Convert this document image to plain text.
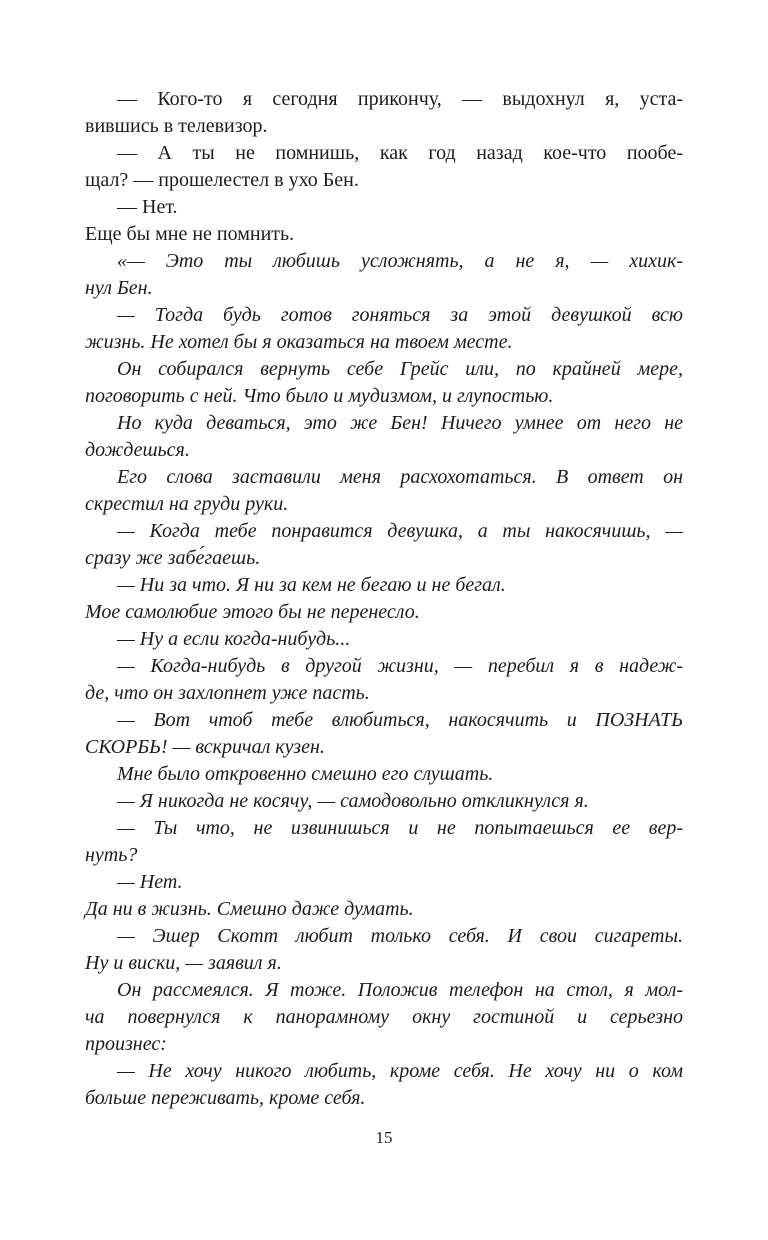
— Кого-то я сегодня прикончу, — выдохнул я, уста-
вившись в телевизор.
— А ты не помнишь, как год назад кое-что пообе-
щал? — прошелестел в ухо Бен.
— Нет.
Еще бы мне не помнить.
«— Это ты любишь усложнять, а не я, — хихик-
нул Бен.
— Тогда будь готов гоняться за этой девушкой всю
жизнь. Не хотел бы я оказаться на твоем месте.
Он собирался вернуть себе Грейс или, по крайней мере,
поговорить с ней. Что было и мудизмом, и глупостью.
Но куда деваться, это же Бен! Ничего умнее от него не
дождешься.
Его слова заставили меня расхохотаться. В ответ он
скрестил на груди руки.
— Когда тебе понравится девушка, а ты накосячишь, —
сразу же забе́гаешь.
— Ни за что. Я ни за кем не бегаю и не бегал.
Мое самолюбие этого бы не перенесло.
— Ну а если когда-нибудь...
— Когда-нибудь в другой жизни, — перебил я в надеж-
де, что он захлопнет уже пасть.
— Вот чтоб тебе влюбиться, накосячить и ПОЗНАТЬ
СКОРБЬ! — вскричал кузен.
Мне было откровенно смешно его слушать.
— Я никогда не косячу, — самодовольно откликнулся я.
— Ты что, не извинишься и не попытаешься ее вер-
нуть?
— Нет.
Да ни в жизнь. Смешно даже думать.
— Эшер Скотт любит только себя. И свои сигареты.
Ну и виски, — заявил я.
Он рассмеялся. Я тоже. Положив телефон на стол, я мол-
ча повернулся к панорамному окну гостиной и серьезно
произнес:
— Не хочу никого любить, кроме себя. Не хочу ни о ком
больше переживать, кроме себя.
15
